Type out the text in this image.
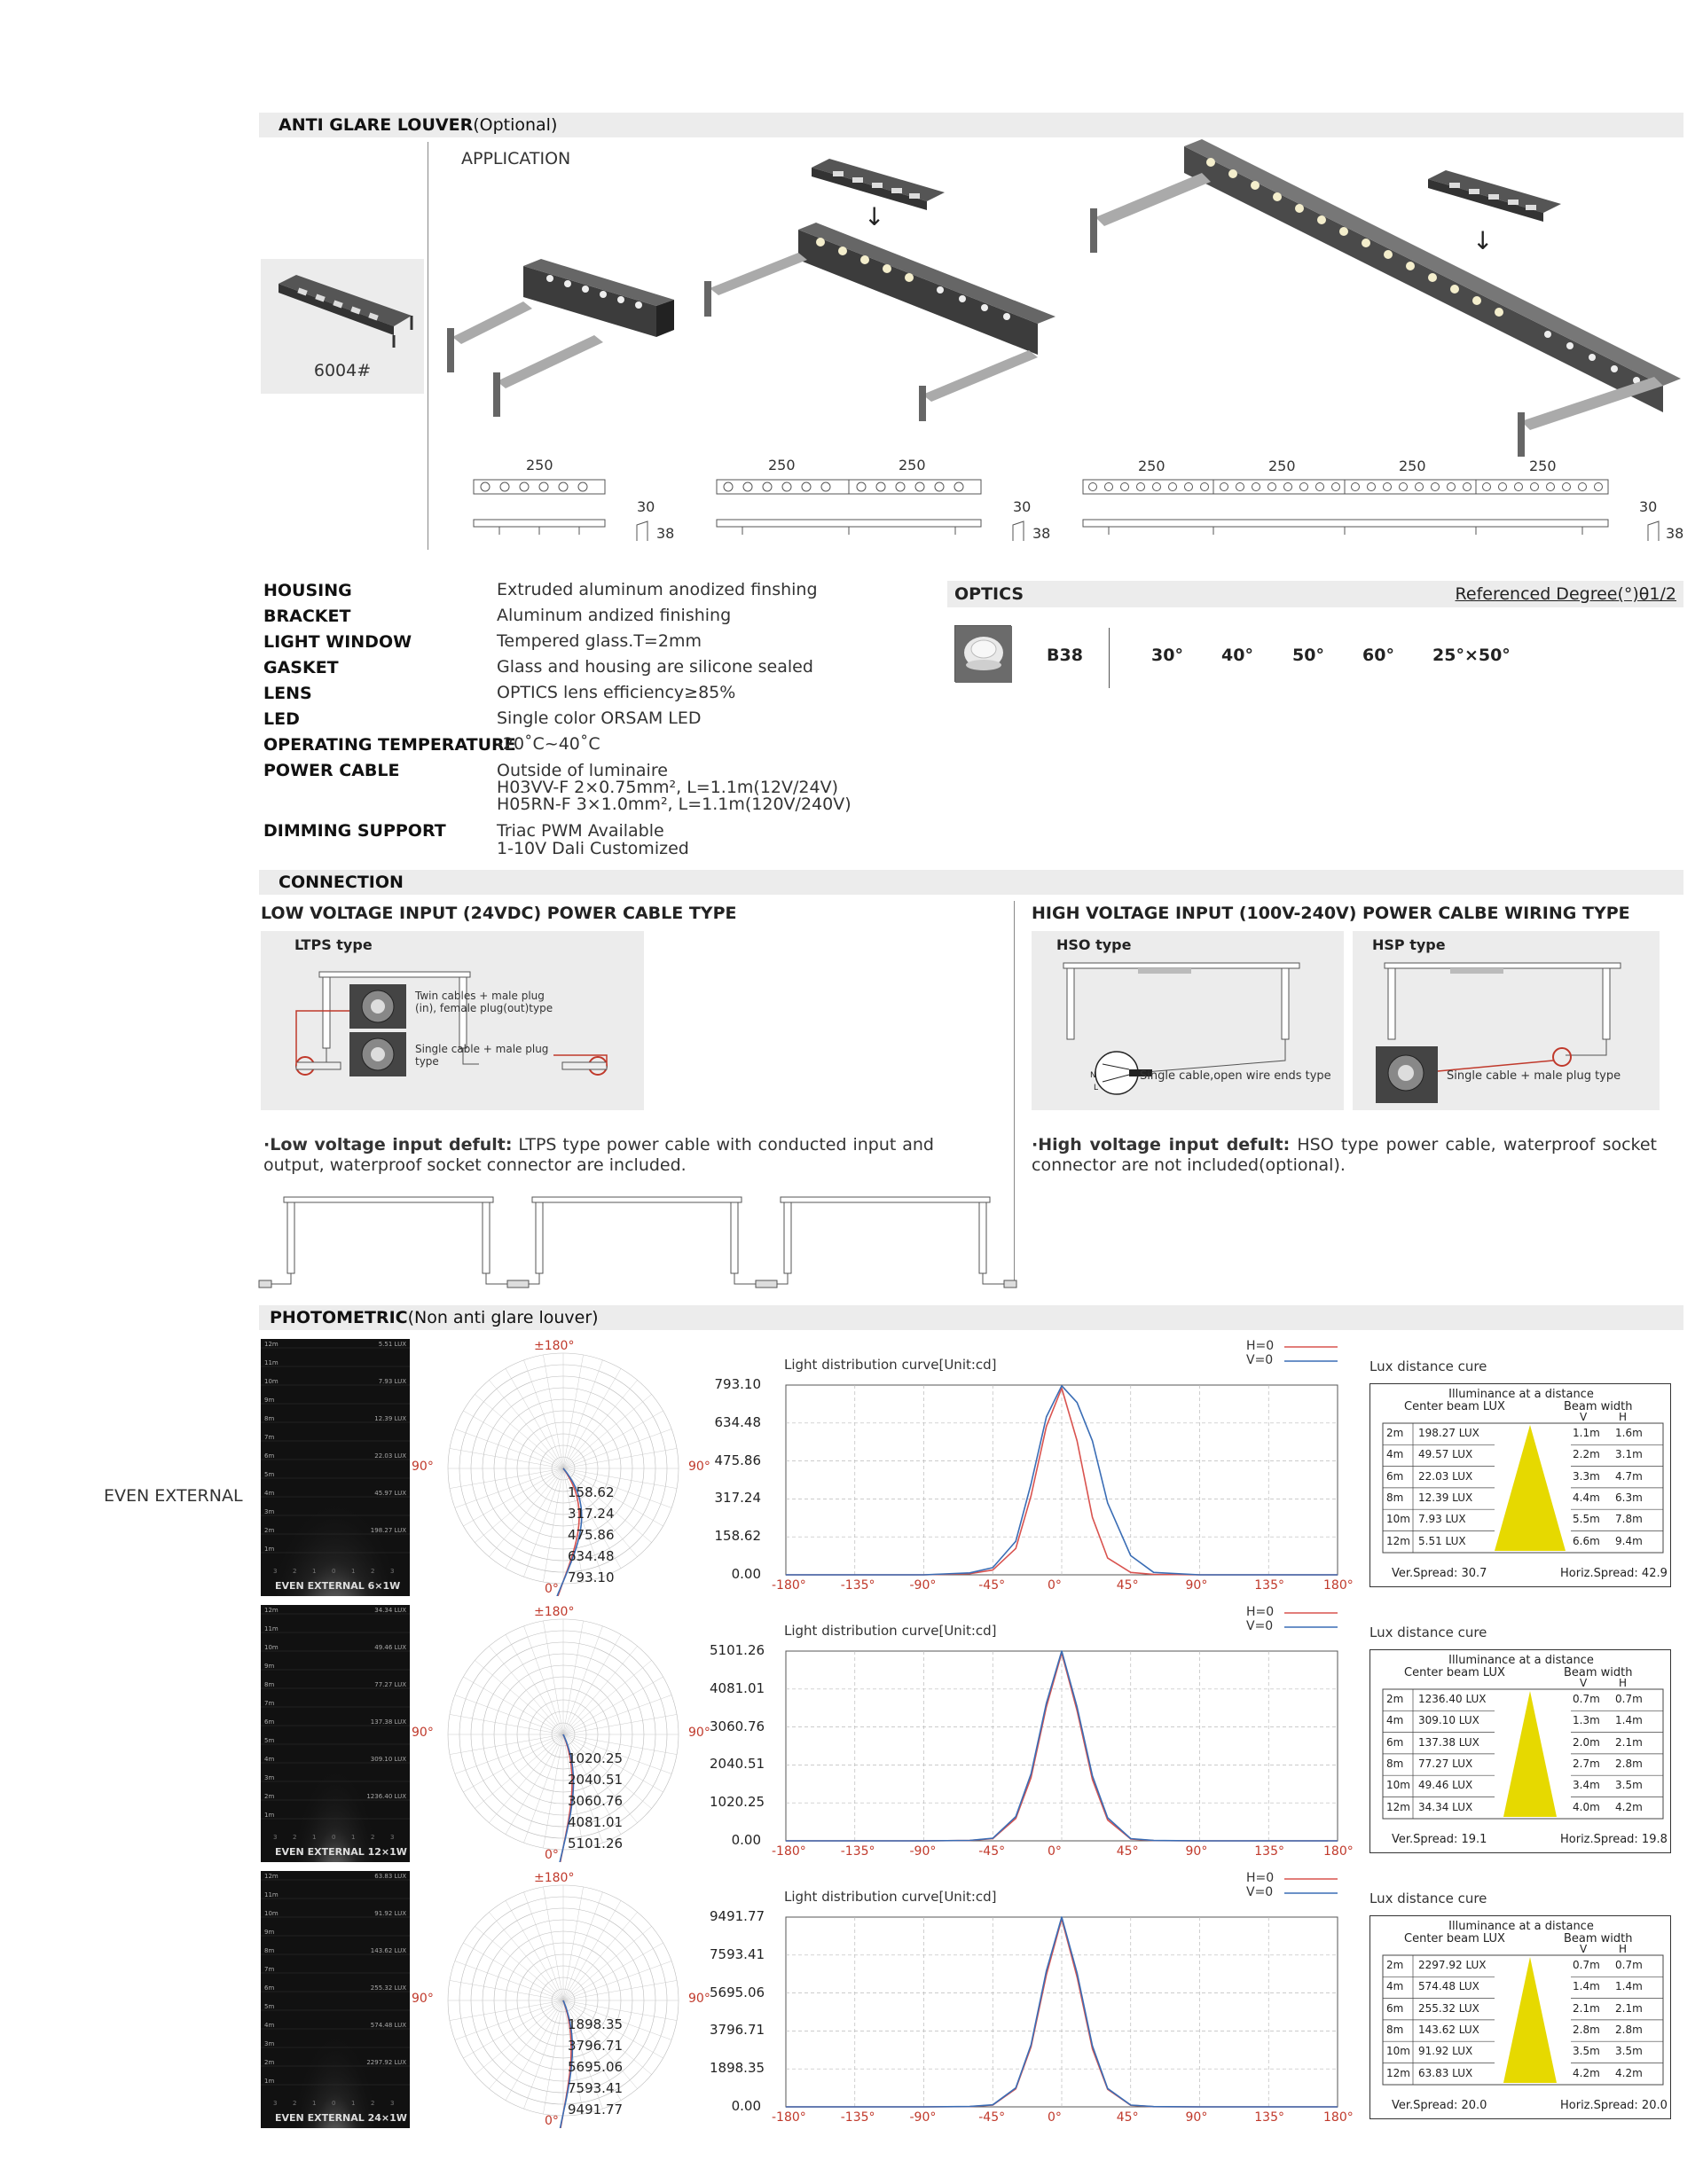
ANTI GLARE LOUVER(Optional)
APPLICATION
6004#
↓
↓
250
30
38
250	250
30
38
250	250	250	250
30
38
HOUSING	Extruded aluminum anodized finshing
BRACKET	Aluminum andized finishing
LIGHT WINDOW	Tempered glass.T=2mm
GASKET	Glass and housing are silicone sealed
LENS	OPTICS lens efficiency≥85%
LED	Single color ORSAM LED
OPERATING TEMPERATURE
-20˚C~40˚C
POWER CABLE	Outside of luminaire
H03VV-F 2×0.75mm², L=1.1m(12V/24V)
H05RN-F 3×1.0mm², L=1.1m(120V/240V)
DIMMING SUPPORT	Triac PWM Available
1-10V Dali Customized
OPTICS	Referenced Degree(°)θ1/2
B38	30° 40° 50° 60° 25°×50°
CONNECTION
LOW VOLTAGE INPUT (24VDC) POWER CABLE TYPE	HIGH VOLTAGE INPUT (100V-240V) POWER CALBE WIRING TYPE
LTPS type
Twin cables + male plug (in), female plug(out)type
Single cable + male plug type
HSO type
N
L
Single cable,open wire ends type
HSP type
Single cable + male plug type
·Low voltage input defult: LTPS type power cable with conducted input and output, waterproof socket connector are included.
·High voltage input defult: HSO type power cable, waterproof socket connector are not included(optional).
PHOTOMETRIC(Non anti glare louver)
EVEN EXTERNAL
12m
11m
10m
9m
8m
7m
6m
5m
4m
3m
2m
1m
5.51 LUX
7.93 LUX
12.39 LUX
22.03 LUX
45.97 LUX
198.27 LUX
3	2	1	0	1	2	3
EVEN EXTERNAL 6×1W
±180°
90°	90°
0°
158.62
317.24
475.86
634.48
793.10
Light distribution curve[Unit:cd]
H=0
V=0
793.10
634.48
475.86
317.24
158.62
0.00
-180°	-135°	-90°	-45°	0°	45°	90°	135°	180°
Lux distance cure
Illuminance at a distance
Center beam LUX	Beam width
V	H
2m 198.27 LUX	1.1m 1.6m
4m 49.57 LUX	2.2m 3.1m
6m 22.03 LUX	3.3m 4.7m
8m 12.39 LUX	4.4m 6.3m
10m 7.93 LUX	5.5m 7.8m
12m 5.51 LUX	6.6m 9.4m
Ver.Spread: 30.7	Horiz.Spread: 42.9
12m
11m
10m
9m
8m
7m
6m
5m
4m
3m
2m
1m
34.34 LUX
49.46 LUX
77.27 LUX
137.38 LUX
309.10 LUX
1236.40 LUX
3	2	1	0	1	2	3
EVEN EXTERNAL 12×1W
±180°
90°	90°
0°
1020.25
2040.51
3060.76
4081.01
5101.26
Light distribution curve[Unit:cd]
H=0
V=0
5101.26
4081.01
3060.76
2040.51
1020.25
0.00
-180°	-135°	-90°	-45°	0°	45°	90°	135°	180°
Lux distance cure
Illuminance at a distance
Center beam LUX	Beam width
V	H
2m 1236.40 LUX	0.7m 0.7m
4m 309.10 LUX	1.3m 1.4m
6m 137.38 LUX	2.0m 2.1m
8m 77.27 LUX	2.7m 2.8m
10m 49.46 LUX	3.4m 3.5m
12m 34.34 LUX	4.0m 4.2m
Ver.Spread: 19.1	Horiz.Spread: 19.8
12m
11m
10m
9m
8m
7m
6m
5m
4m
3m
2m
1m
63.83 LUX
91.92 LUX
143.62 LUX
255.32 LUX
574.48 LUX
2297.92 LUX
3	2	1	0	1	2	3
EVEN EXTERNAL 24×1W
±180°
90°	90°
0°
1898.35
3796.71
5695.06
7593.41
9491.77
Light distribution curve[Unit:cd]
H=0
V=0
9491.77
7593.41
5695.06
3796.71
1898.35
0.00
-180°	-135°	-90°	-45°	0°	45°	90°	135°	180°
Lux distance cure
Illuminance at a distance
Center beam LUX	Beam width
V	H
2m 2297.92 LUX	0.7m 0.7m
4m 574.48 LUX	1.4m 1.4m
6m 255.32 LUX	2.1m 2.1m
8m 143.62 LUX	2.8m 2.8m
10m 91.92 LUX	3.5m 3.5m
12m 63.83 LUX	4.2m 4.2m
Ver.Spread: 20.0	Horiz.Spread: 20.0
